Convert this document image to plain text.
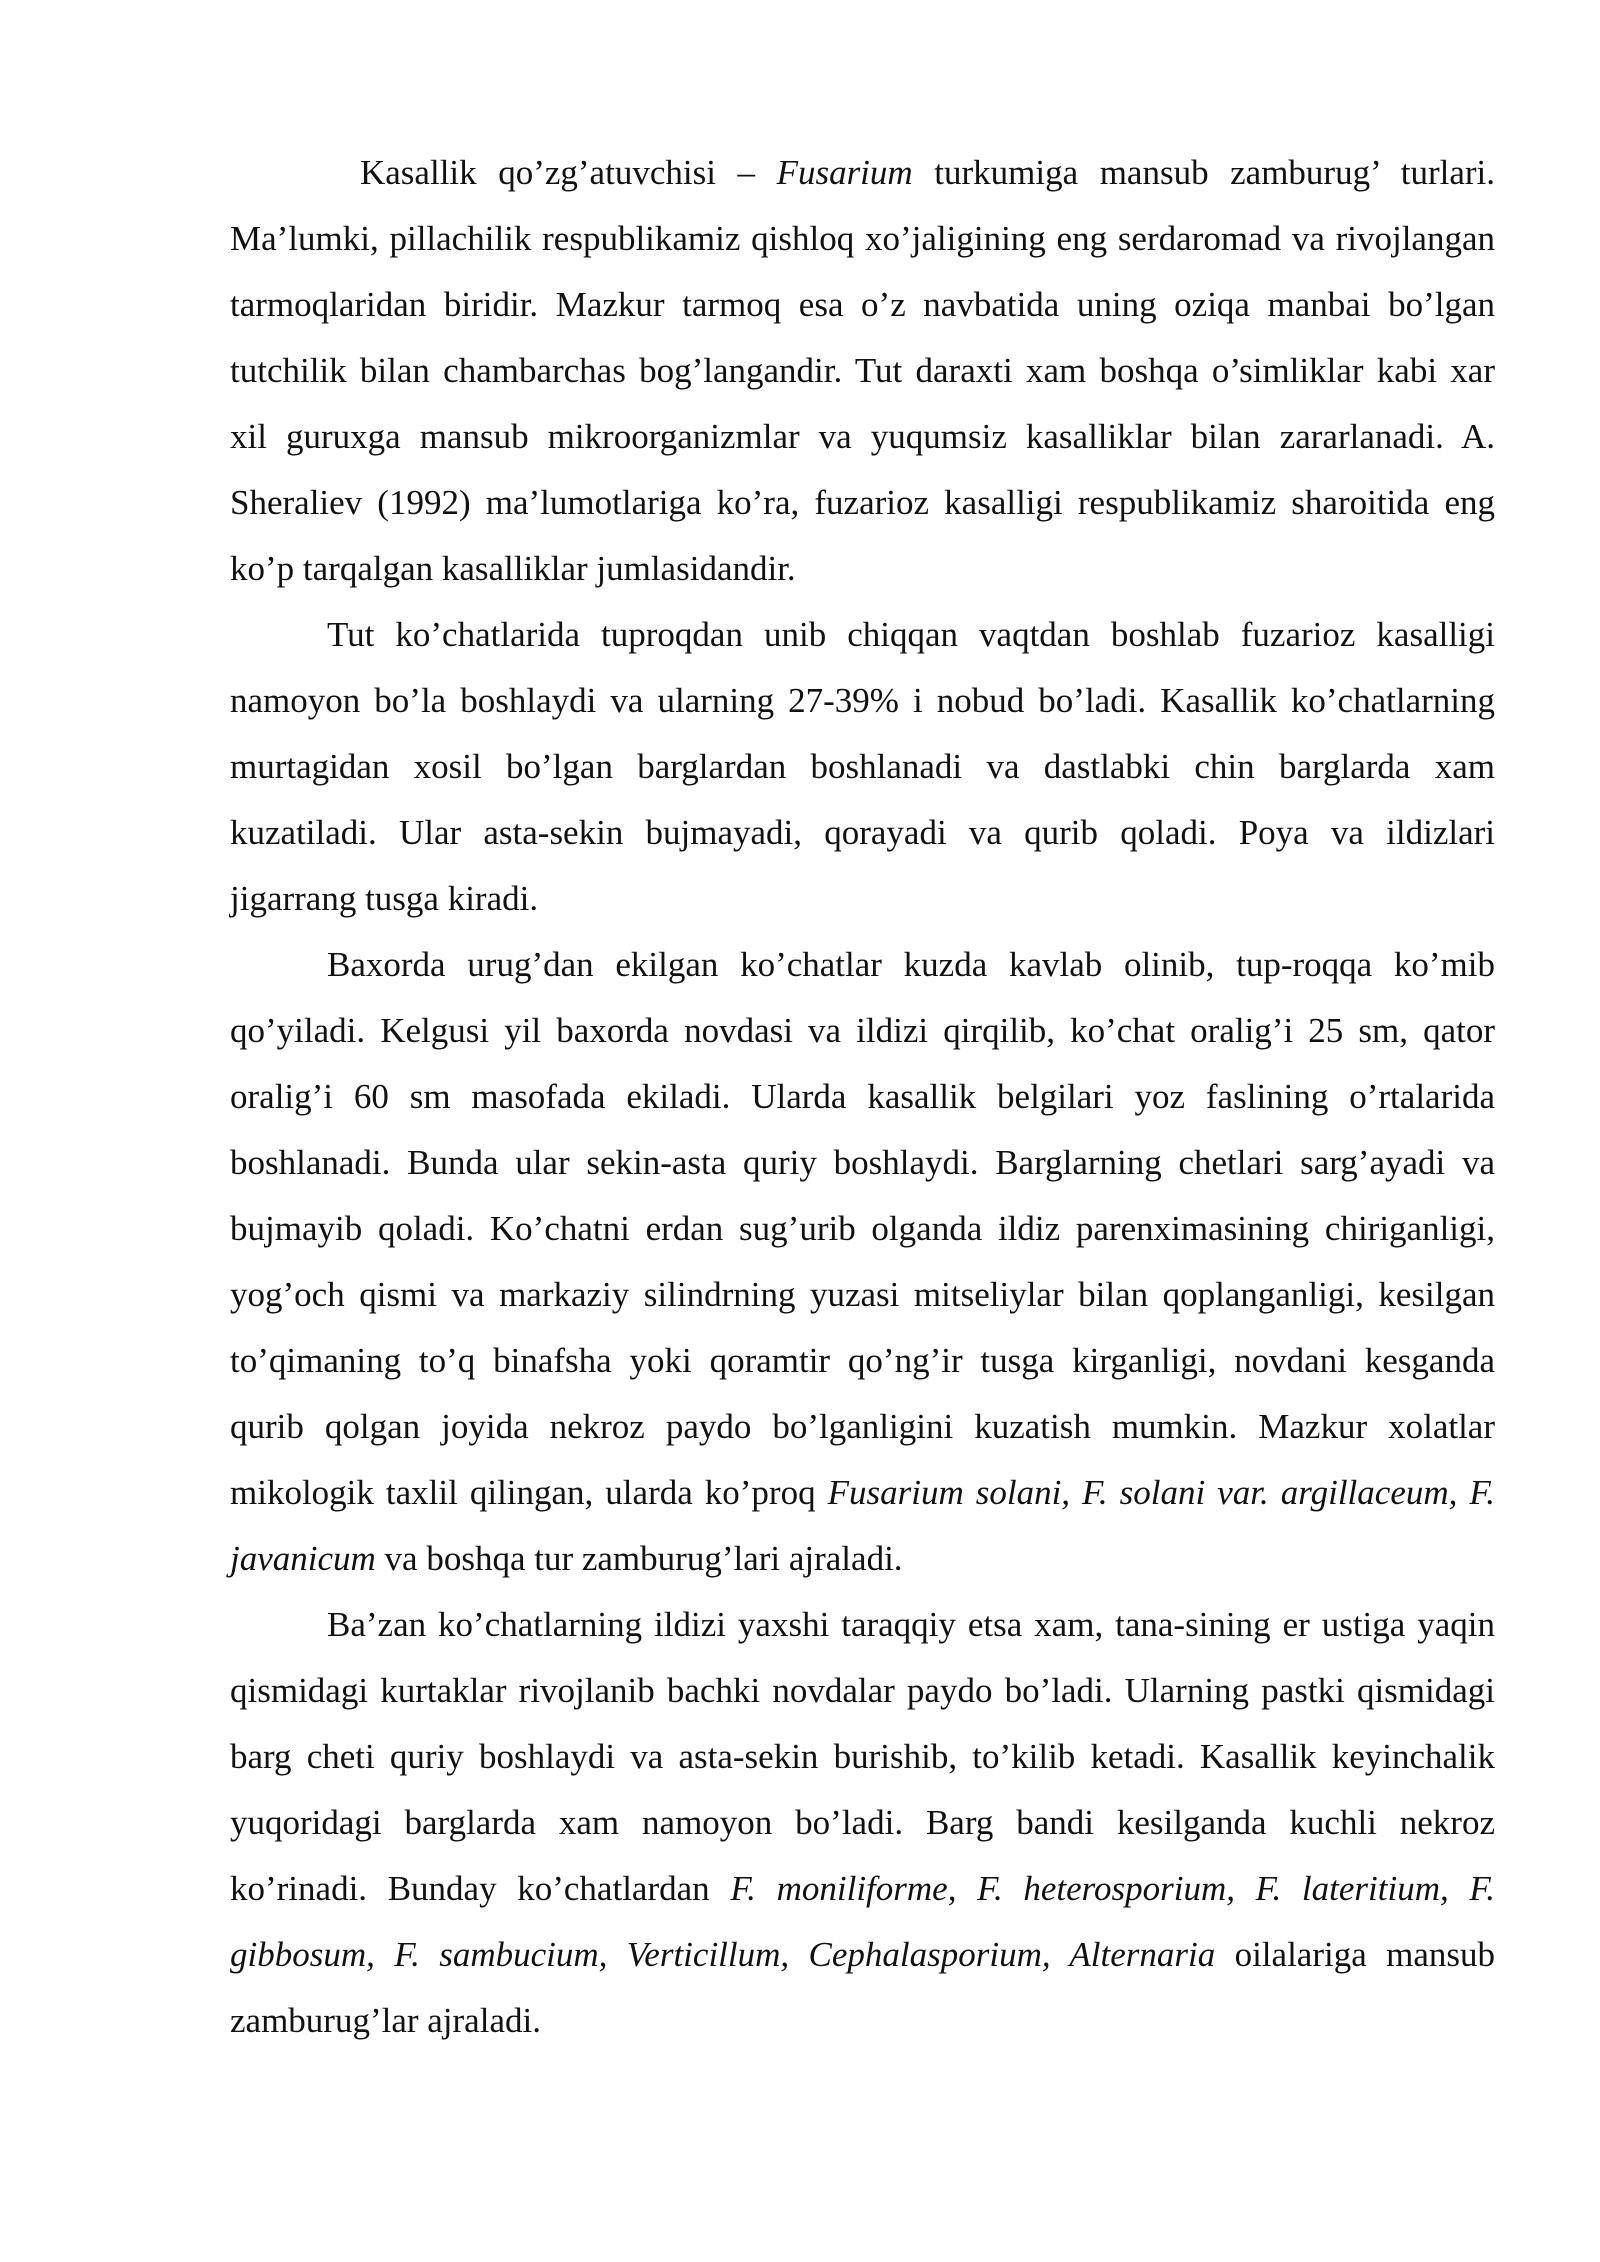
Kasallik qo’zg’atuvchisi – Fusarium turkumiga mansub zamburug’ turlari. Ma’lumki, pillachilik respublikamiz qishloq xo’jaligining eng serdaromad va rivojlangan tarmoqlaridan biridir. Mazkur tarmoq esa o’z navbatida uning oziqa manbai bo’lgan tutchilik bilan chambarchas bog’langandir. Tut daraxti xam boshqa o’simliklar kabi xar xil guruxga mansub mikroorganizmlar va yuqumsiz kasalliklar bilan zararlanadi. A. Sheraliev (1992) ma’lumotlariga ko’ra, fuzarioz kasalligi respublikamiz sharoitida eng ko’p tarqalgan kasalliklar jumlasidandir.

Tut ko’chatlarida tuproqdan unib chiqqan vaqtdan boshlab fuzarioz kasalligi namoyon bo’la boshlaydi va ularning 27-39% i nobud bo’ladi. Kasallik ko’chatlarning murtagidan xosil bo’lgan barglardan boshlanadi va dastlabki chin barglarda xam kuzatiladi. Ular asta-sekin bujmayadi, qorayadi va qurib qoladi. Poya va ildizlari jigarrang tusga kiradi.

Baxorda urug’dan ekilgan ko’chatlar kuzda kavlab olinib, tup-roqqa ko’mib qo’yiladi. Kelgusi yil baxorda novdasi va ildizi qirqilib, ko’chat oralig’i 25 sm, qator oralig’i 60 sm masofada ekiladi. Ularda kasallik belgilari yoz faslining o’rtalarida boshlanadi. Bunda ular sekin-asta quriy boshlaydi. Barglarning chetlari sarg’ayadi va bujmayib qoladi. Ko’chatni erdan sug’urib olganda ildiz parenximasining chiriganligi, yog’och qismi va markaziy silindrning yuzasi mitseliylar bilan qoplanganligi, kesilgan to’qimaning to’q binafsha yoki qoramtir qo’ng’ir tusga kirganligi, novdani kesganda qurib qolgan joyida nekroz paydo bo’lganligini kuzatish mumkin. Mazkur xolatlar mikologik taxlil qilingan, ularda ko’proq Fusarium solani, F. solani var. argillaceum, F. javanicum va boshqa tur zamburug’lari ajraladi.

Ba’zan ko’chatlarning ildizi yaxshi taraqqiy etsa xam, tana-sining er ustiga yaqin qismidagi kurtaklar rivojlanib bachki novdalar paydo bo’ladi. Ularning pastki qismidagi barg cheti quriy boshlaydi va asta-sekin burishib, to’kilib ketadi. Kasallik keyinchalik yuqoridagi barglarda xam namoyon bo’ladi. Barg bandi kesilganda kuchli nekroz ko’rinadi. Bunday ko’chatlardan F. moniliforme, F. heterosporium, F. lateritium, F. gibbosum, F. sambucium, Verticillum, Cephalasporium, Alternaria oilalariga mansub zamburug’lar ajraladi.
